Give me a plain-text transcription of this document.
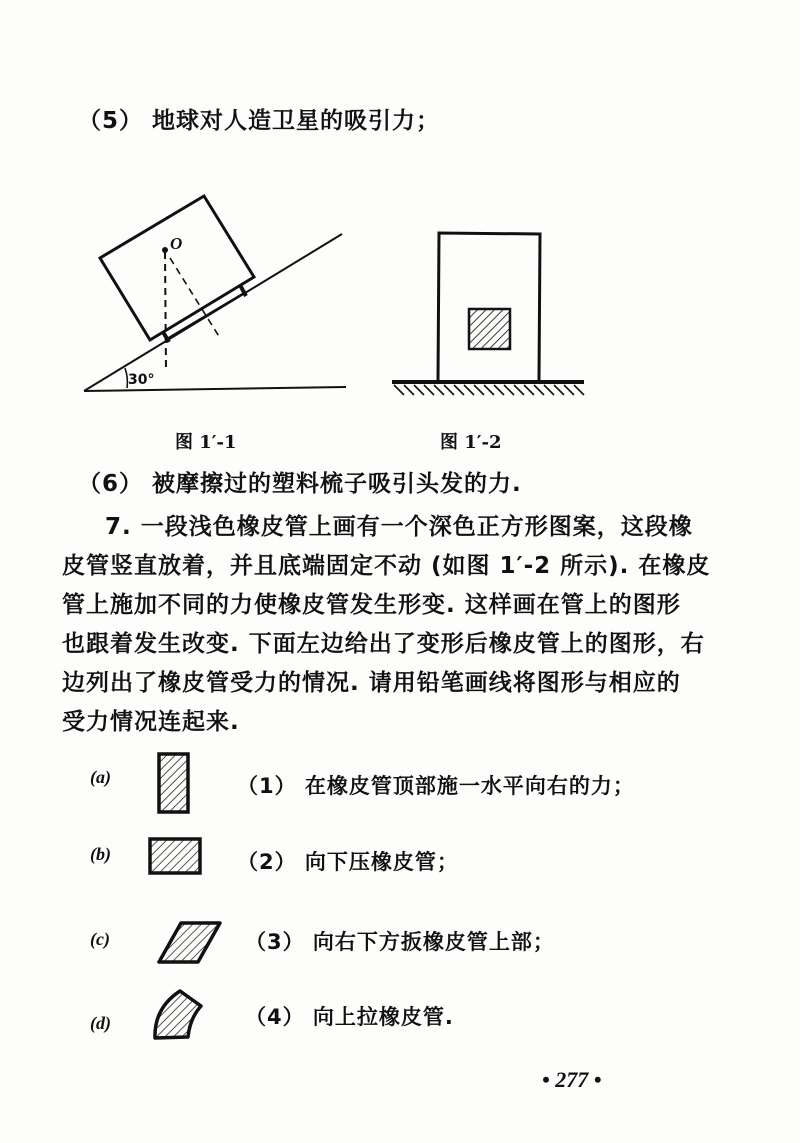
（5） 地球对人造卫星的吸引力；
O
30°
图 1′-1	图 1′-2
（6） 被摩擦过的塑料梳子吸引头发的力.
7. 一段浅色橡皮管上画有一个深色正方形图案，这段橡
皮管竖直放着，并且底端固定不动 (如图 1′-2 所示). 在橡皮
管上施加不同的力使橡皮管发生形变. 这样画在管上的图形
也跟着发生改变. 下面左边给出了变形后橡皮管上的图形，右
边列出了橡皮管受力的情况. 请用铅笔画线将图形与相应的
受力情况连起来.
(a)
(b)
(c)
(d)
（1） 在橡皮管顶部施一水平向右的力；
（2） 向下压橡皮管；
（3） 向右下方扳橡皮管上部；
（4） 向上拉橡皮管.
• 277 •
